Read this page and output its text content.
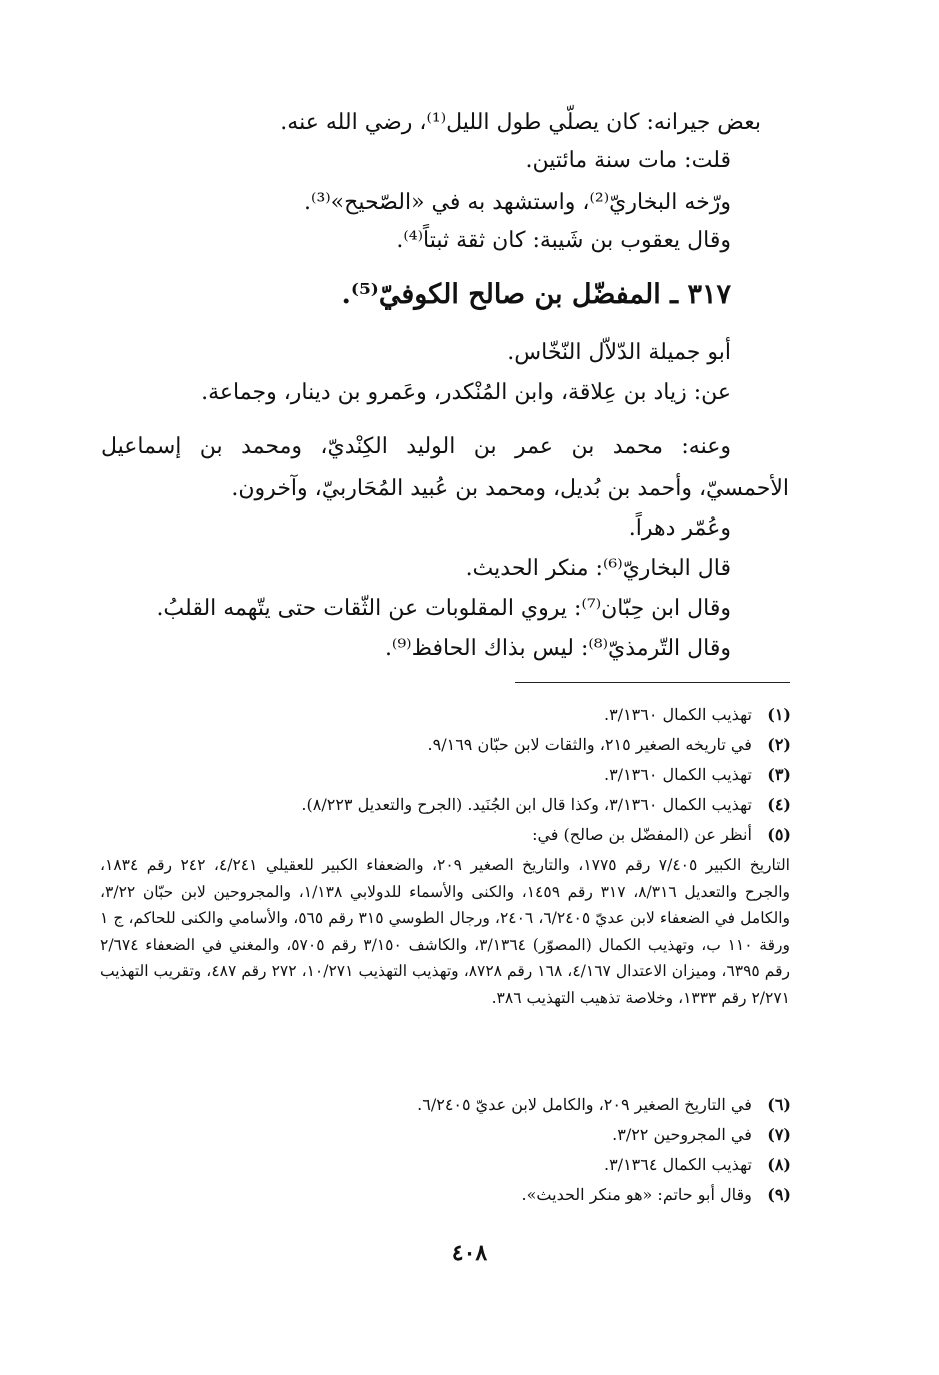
بعض جيرانه: كان يصلّي طول الليل⁽¹⁾، رضي الله عنه.
قلت: مات سنة مائتين.
ورّخه البخاريّ⁽²⁾، واستشهد به في «الصّحيح»⁽³⁾.
وقال يعقوب بن شَيبة: كان ثقة ثبتاً⁽⁴⁾.
٣١٧ ـ المفضّل بن صالح الكوفيّ⁽⁵⁾.
أبو جميلة الدّلاّل النّخّاس.
عن: زياد بن عِلاقة، وابن المُنْكدر، وعَمرو بن دينار، وجماعة.
وعنه: محمد بن عمر بن الوليد الكِنْديّ، ومحمد بن إسماعيل
الأحمسيّ، وأحمد بن بُديل، ومحمد بن عُبيد المُحَاربيّ، وآخرون.
وعُمّر دهراً.
قال البخاريّ⁽⁶⁾: منكر الحديث.
وقال ابن حِبّان⁽⁷⁾: يروي المقلوبات عن الثّقات حتى يتّهمه القلبُ.
وقال التّرمذيّ⁽⁸⁾: ليس بذاك الحافظ⁽⁹⁾.
(١) تهذيب الكمال ٣/١٣٦٠.
(٢) في تاريخه الصغير ٢١٥، والثقات لابن حبّان ٩/١٦٩.
(٣) تهذيب الكمال ٣/١٣٦٠.
(٤) تهذيب الكمال ٣/١٣٦٠، وكذا قال ابن الجُنَيد. (الجرح والتعديل ٨/٢٢٣).
(٥) أنظر عن (المفضّل بن صالح) في:
التاريخ الكبير ٧/٤٠٥ رقم ١٧٧٥، والتاريخ الصغير ٢٠٩، والضعفاء الكبير للعقيلي ٤/٢٤١، ٢٤٢ رقم ١٨٣٤، والجرح والتعديل ٨/٣١٦، ٣١٧ رقم ١٤٥٩، والكنى والأسماء للدولابي ١/١٣٨، والمجروحين لابن حبّان ٣/٢٢، والكامل في الضعفاء لابن عديّ ٦/٢٤٠٥، ٢٤٠٦، ورجال الطوسي ٣١٥ رقم ٥٦٥، والأسامي والكنى للحاكم، ج ١ ورقة ١١٠ ب، وتهذيب الكمال (المصوّر) ٣/١٣٦٤، والكاشف ٣/١٥٠ رقم ٥٧٠٥، والمغني في الضعفاء ٢/٦٧٤ رقم ٦٣٩٥، وميزان الاعتدال ٤/١٦٧، ١٦٨ رقم ٨٧٢٨، وتهذيب التهذيب ١٠/٢٧١، ٢٧٢ رقم ٤٨٧، وتقريب التهذيب ٢/٢٧١ رقم ١٣٣٣، وخلاصة تذهيب التهذيب ٣٨٦.
(٦) في التاريخ الصغير ٢٠٩، والكامل لابن عديّ ٦/٢٤٠٥.
(٧) في المجروحين ٣/٢٢.
(٨) تهذيب الكمال ٣/١٣٦٤.
(٩) وقال أبو حاتم: «هو منكر الحديث».
٤٠٨
